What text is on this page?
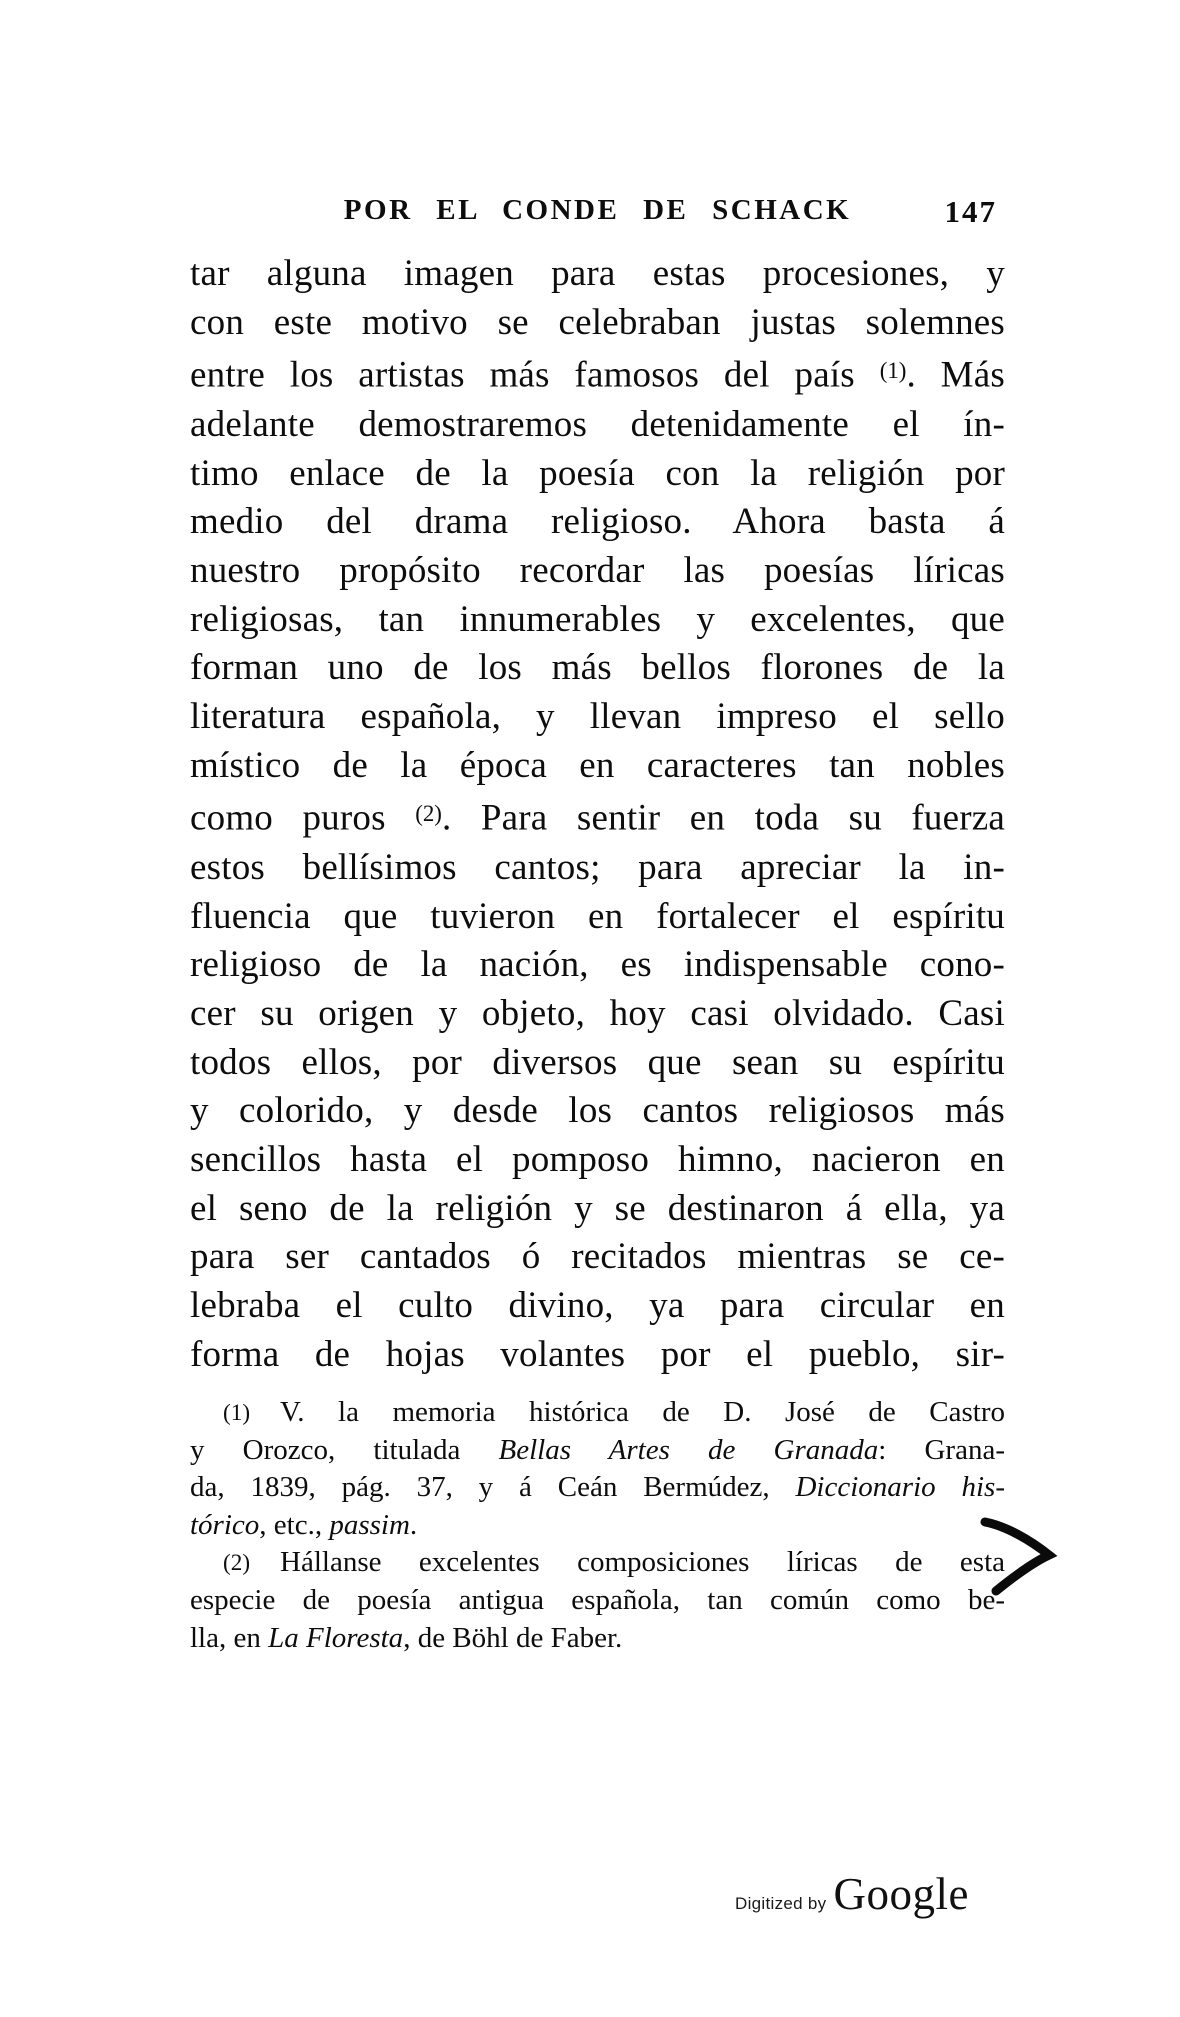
POR EL CONDE DE SCHACK	147
tar alguna imagen para estas procesiones, y
con este motivo se celebraban justas solemnes
entre los artistas más famosos del país $^{(1)}$. Más
adelante demostraremos detenidamente el ín-
timo enlace de la poesía con la religión por
medio del drama religioso. Ahora basta á
nuestro propósito recordar las poesías líricas
religiosas, tan innumerables y excelentes, que
forman uno de los más bellos florones de la
literatura española, y llevan impreso el sello
místico de la época en caracteres tan nobles
como puros $^{(2)}$. Para sentir en toda su fuerza
estos bellísimos cantos; para apreciar la in-
fluencia que tuvieron en fortalecer el espíritu
religioso de la nación, es indispensable cono-
cer su origen y objeto, hoy casi olvidado. Casi
todos ellos, por diversos que sean su espíritu
y colorido, y desde los cantos religiosos más
sencillos hasta el pomposo himno, nacieron en
el seno de la religión y se destinaron á ella, ya
para ser cantados ó recitados mientras se ce-
lebraba el culto divino, ya para circular en
forma de hojas volantes por el pueblo, sir-
(1) V. la memoria histórica de D. José de Castro
y Orozco, titulada Bellas Artes de Granada: Grana-
da, 1839, pág. 37, y á Ceán Bermúdez, Diccionario his-
tórico, etc., passim.
(2) Hállanse excelentes composiciones líricas de esta
especie de poesía antigua española, tan común como be-
lla, en La Floresta, de Böhl de Faber.
Digitized by Google
